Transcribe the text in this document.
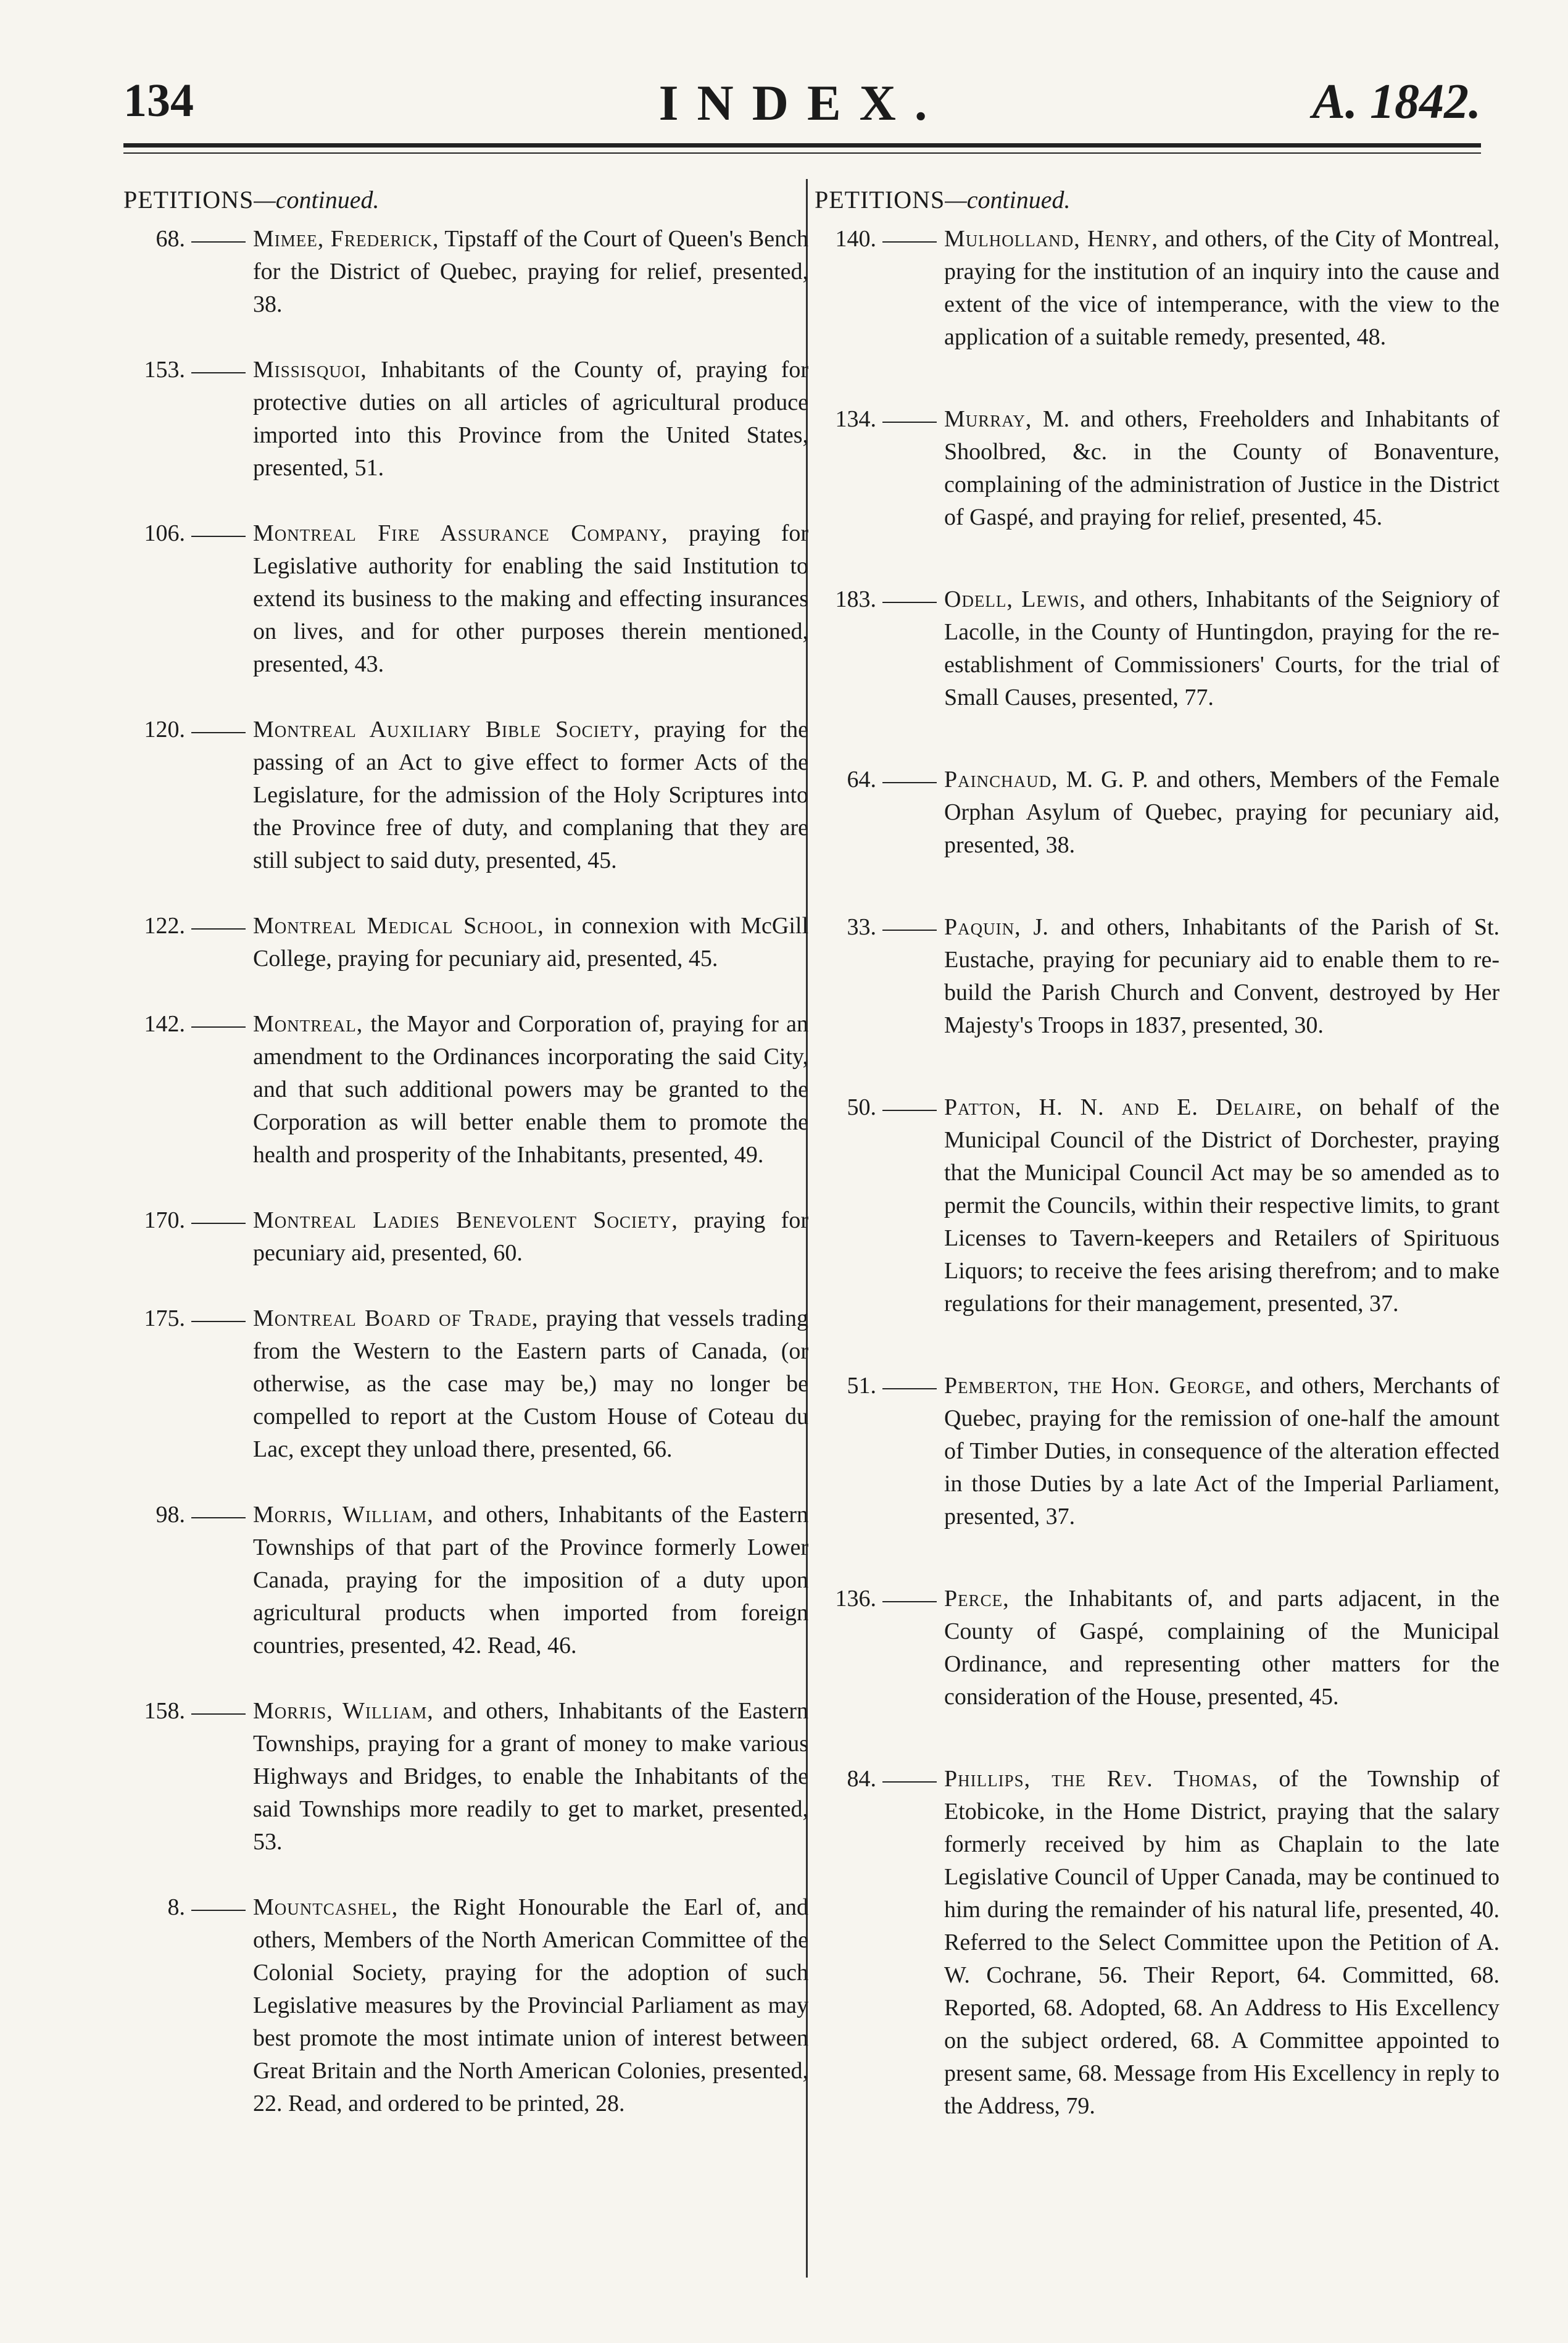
INDEX.
134	A. 1842.
PETITIONS—continued.
68.	Mimee, Frederick, Tipstaff of the Court of Queen's Bench for the District of Quebec, praying for relief, presented, 38.
153.	Missisquoi, Inhabitants of the County of, praying for protective duties on all articles of agricultural produce imported into this Province from the United States, presented, 51.
106.	Montreal Fire Assurance Company, praying for Legislative authority for enabling the said Institution to extend its business to the making and effecting insurances on lives, and for other purposes therein mentioned, presented, 43.
120.	Montreal Auxiliary Bible Society, praying for the passing of an Act to give effect to former Acts of the Legislature, for the admission of the Holy Scriptures into the Province free of duty, and complaning that they are still subject to said duty, presented, 45.
122.	Montreal Medical School, in connexion with McGill College, praying for pecuniary aid, presented, 45.
142.	Montreal, the Mayor and Corporation of, praying for an amendment to the Ordinances incorporating the said City, and that such additional powers may be granted to the Corporation as will better enable them to promote the health and prosperity of the Inhabitants, presented, 49.
170.	Montreal Ladies Benevolent Society, praying for pecuniary aid, presented, 60.
175.	Montreal Board of Trade, praying that vessels trading from the Western to the Eastern parts of Canada, (or otherwise, as the case may be,) may no longer be compelled to report at the Custom House of Coteau du Lac, except they unload there, presented, 66.
98.	Morris, William, and others, Inhabitants of the Eastern Townships of that part of the Province formerly Lower Canada, praying for the imposition of a duty upon agricultural products when imported from foreign countries, presented, 42. Read, 46.
158.	Morris, William, and others, Inhabitants of the Eastern Townships, praying for a grant of money to make various Highways and Bridges, to enable the Inhabitants of the said Townships more readily to get to market, presented, 53.
8.	Mountcashel, the Right Honourable the Earl of, and others, Members of the North American Committee of the Colonial Society, praying for the adoption of such Legislative measures by the Provincial Parliament as may best promote the most intimate union of interest between Great Britain and the North American Colonies, presented, 22. Read, and ordered to be printed, 28.
PETITIONS—continued.
140.	Mulholland, Henry, and others, of the City of Montreal, praying for the institution of an inquiry into the cause and extent of the vice of intemperance, with the view to the application of a suitable remedy, presented, 48.
134.	Murray, M. and others, Freeholders and Inhabitants of Shoolbred, &c. in the County of Bonaventure, complaining of the administration of Justice in the District of Gaspé, and praying for relief, presented, 45.
183.	Odell, Lewis, and others, Inhabitants of the Seigniory of Lacolle, in the County of Huntingdon, praying for the re-establishment of Commissioners' Courts, for the trial of Small Causes, presented, 77.
64.	Painchaud, M. G. P. and others, Members of the Female Orphan Asylum of Quebec, praying for pecuniary aid, presented, 38.
33.	Paquin, J. and others, Inhabitants of the Parish of St. Eustache, praying for pecuniary aid to enable them to re-build the Parish Church and Convent, destroyed by Her Majesty's Troops in 1837, presented, 30.
50.	Patton, H. N. and E. Delaire, on behalf of the Municipal Council of the District of Dorchester, praying that the Municipal Council Act may be so amended as to permit the Councils, within their respective limits, to grant Licenses to Tavern-keepers and Retailers of Spirituous Liquors; to receive the fees arising therefrom; and to make regulations for their management, presented, 37.
51.	Pemberton, the Hon. George, and others, Merchants of Quebec, praying for the remission of one-half the amount of Timber Duties, in consequence of the alteration effected in those Duties by a late Act of the Imperial Parliament, presented, 37.
136.	Perce, the Inhabitants of, and parts adjacent, in the County of Gaspé, complaining of the Municipal Ordinance, and representing other matters for the consideration of the House, presented, 45.
84.	Phillips, the Rev. Thomas, of the Township of Etobicoke, in the Home District, praying that the salary formerly received by him as Chaplain to the late Legislative Council of Upper Canada, may be continued to him during the remainder of his natural life, presented, 40. Referred to the Select Committee upon the Petition of A. W. Cochrane, 56. Their Report, 64. Committed, 68. Reported, 68. Adopted, 68. An Address to His Excellency on the subject ordered, 68. A Committee appointed to present same, 68. Message from His Excellency in reply to the Address, 79.
